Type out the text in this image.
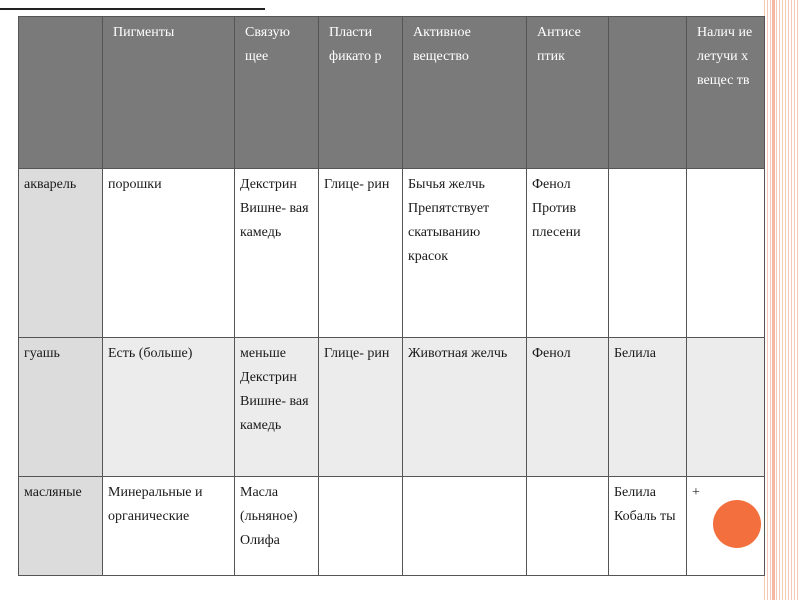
	Пигменты	Связую щее	Пласти фикато р	Активное вещество	Антисе птик		Налич ие летучи х вещес тв
акварель	порошки	Декстрин Вишне- вая камедь	Глице- рин	Бычья желчь Препятствует скатыванию красок	Фенол Против плесени		
гуашь	Есть (больше)	меньше Декстрин Вишне- вая камедь	Глице- рин	Животная желчь	Фенол	Белила	
масляные	Минеральные и органические	Масла (льняное) Олифа				Белила Кобаль ты	+
